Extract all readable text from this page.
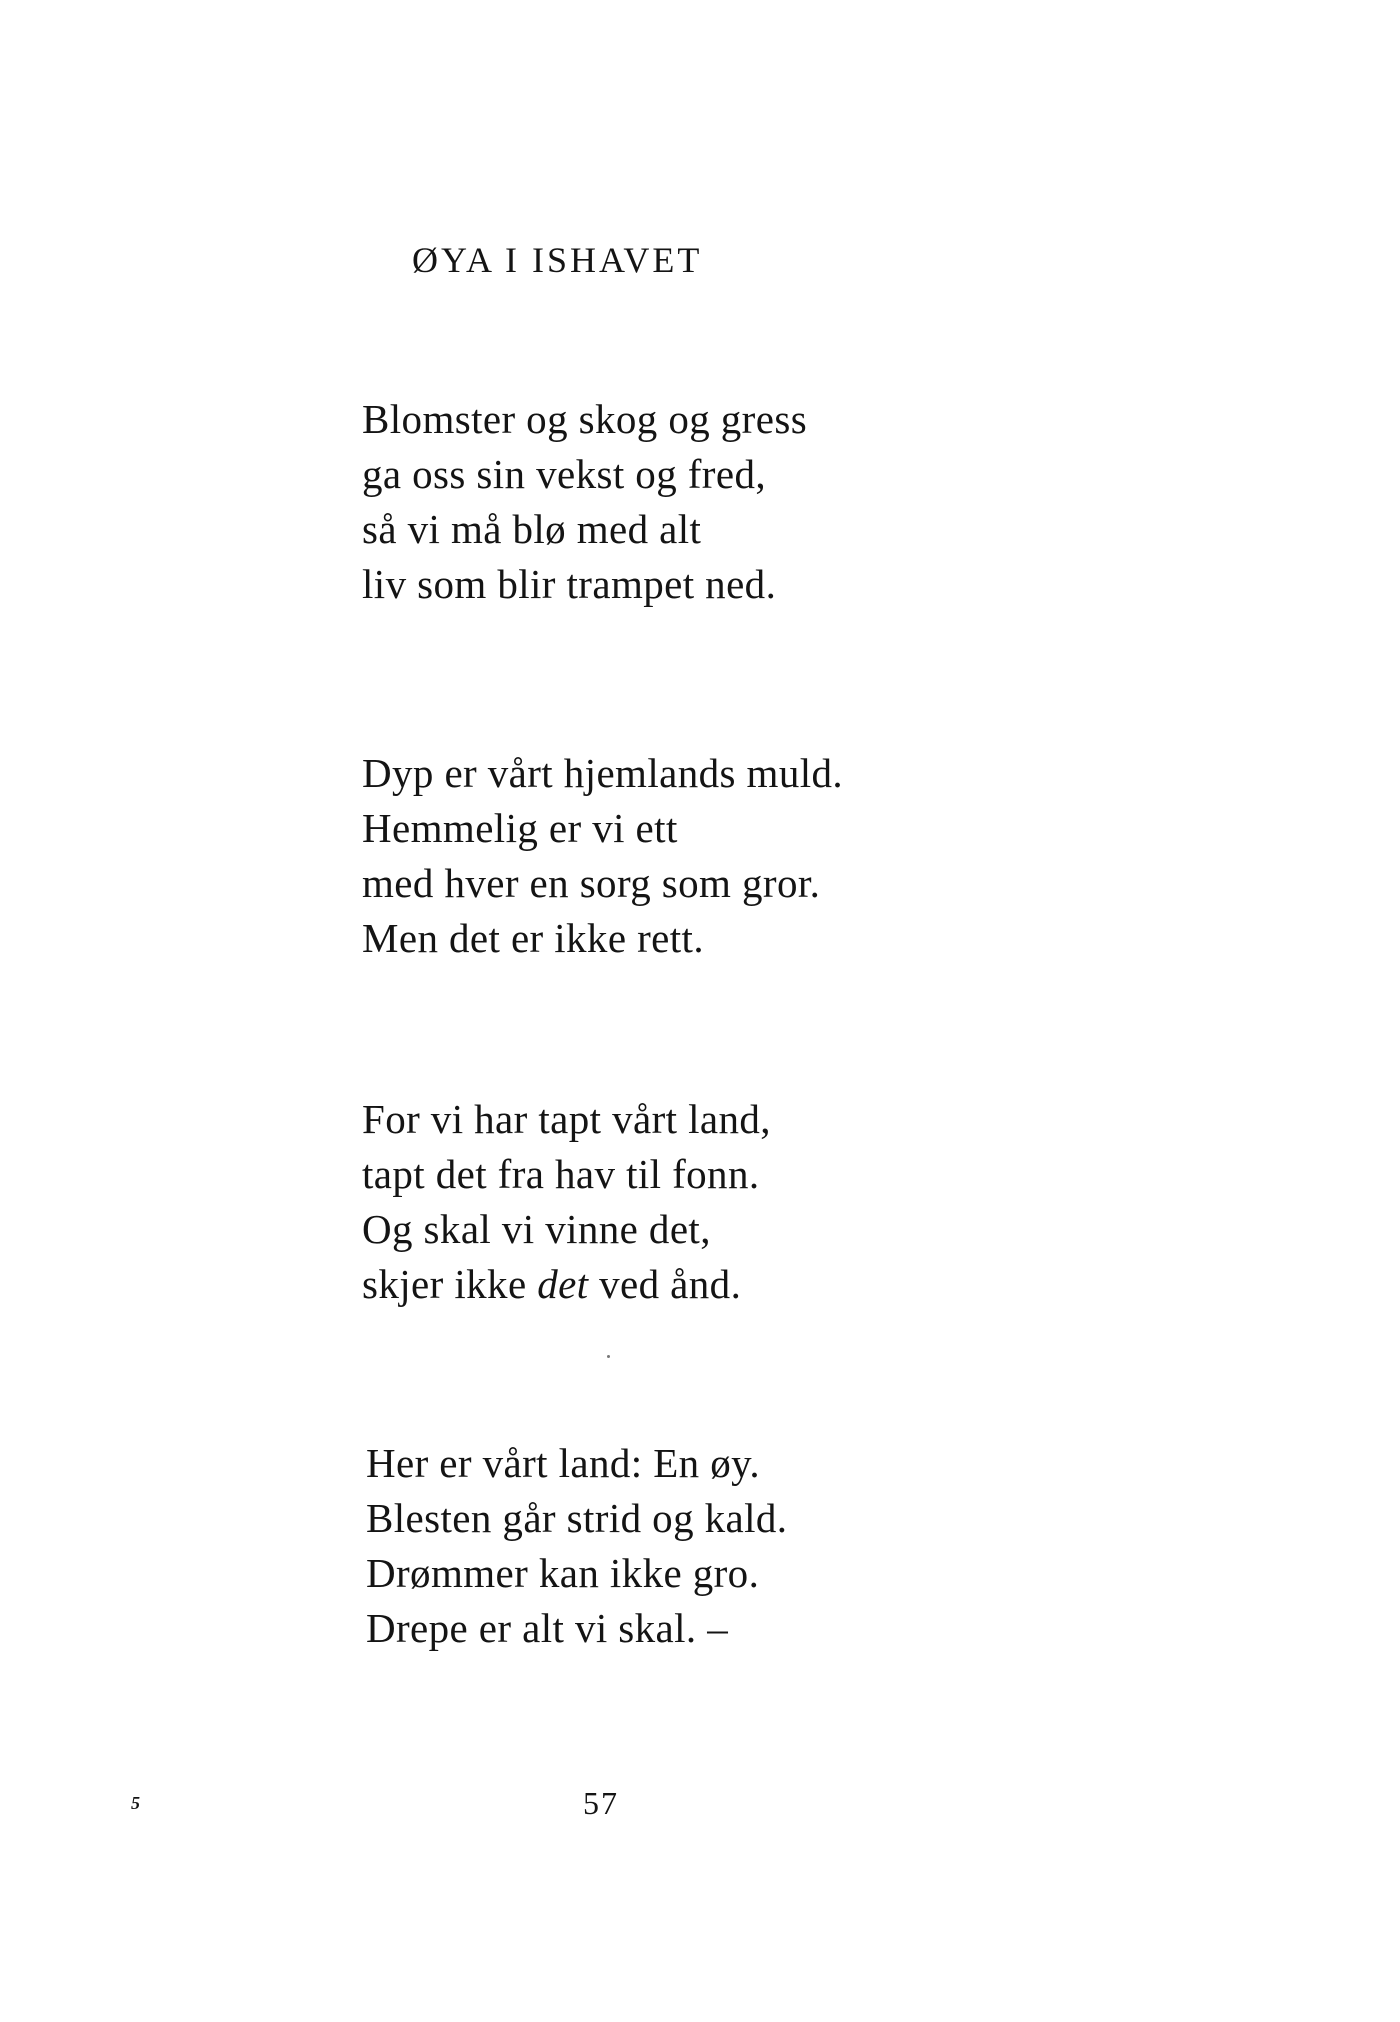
ØYA I ISHAVET
Blomster og skog og gress
ga oss sin vekst og fred,
så vi må blø med alt
liv som blir trampet ned.
Dyp er vårt hjemlands muld.
Hemmelig er vi ett
med hver en sorg som gror.
Men det er ikke rett.
For vi har tapt vårt land,
tapt det fra hav til fonn.
Og skal vi vinne det,
skjer ikke det ved ånd.
Her er vårt land: En øy.
Blesten går strid og kald.
Drømmer kan ikke gro.
Drepe er alt vi skal. –
5	57
